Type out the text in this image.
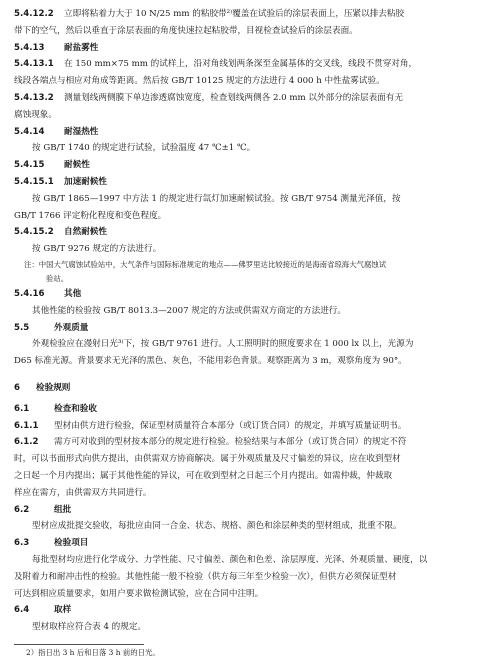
5.4.12.2 立即将粘着力大于 10 N/25 mm 的粘胶带²⁾覆盖在试验后的涂层表面上，压紧以排去粘胶
带下的空气，然后以垂直于涂层表面的角度快速拉起粘胶带，目视检查试验后的涂层表面。
5.4.13	耐盐雾性
5.4.13.1 在 150 mm×75 mm 的试样上，沿对角线划两条深至金属基体的交叉线，线段不贯穿对角，
线段各端点与相应对角成等距离。然后按 GB/T 10125 规定的方法进行 4 000 h 中性盐雾试验。
5.4.13.2 测量划线两侧膜下单边渗透腐蚀宽度，检查划线两侧各 2.0 mm 以外部分的涂层表面有无
腐蚀现象。
5.4.14	耐湿热性
按 GB/T 1740 的规定进行试验，试验温度 47 ℃±1 ℃。
5.4.15	耐候性
5.4.15.1	加速耐候性
按 GB/T 1865—1997 中方法 1 的规定进行氙灯加速耐候试验。按 GB/T 9754 测量光泽值，按
GB/T 1766 评定粉化程度和变色程度。
5.4.15.2	自然耐候性
按 GB/T 9276 规定的方法进行。
注：中国大气腐蚀试验站中，大气条件与国际标准规定的地点——佛罗里达比较接近的是海南省琼海大气腐蚀试
验站。
5.4.16	其他
其他性能的检验按 GB/T 8013.3—2007 规定的方法或供需双方商定的方法进行。
5.5	外观质量
外观检验应在漫射日光³⁾下，按 GB/T 9761 进行。人工照明时的照度要求在 1 000 lx 以上，光源为
D65 标准光源。背景要求无光泽的黑色、灰色，不能用彩色背景。观察距离为 3 m，观察角度为 90°。
6	检验规则
6.1	检查和验收
6.1.1 型材由供方进行检验，保证型材质量符合本部分（或订货合同）的规定，并填写质量证明书。
6.1.2 需方可对收到的型材按本部分的规定进行检验。检验结果与本部分（或订货合同）的规定不符
时，可以书面形式向供方提出，由供需双方协商解决。属于外观质量及尺寸偏差的异议，应在收到型材
之日起一个月内提出；属于其他性能的异议，可在收到型材之日起三个月内提出。如需仲裁，仲裁取
样应在需方，由供需双方共同进行。
6.2	组批
型材应成批提交验收，每批应由同一合金、状态、规格、颜色和涂层种类的型材组成，批重不限。
6.3	检验项目
每批型材均应进行化学成分、力学性能、尺寸偏差、颜色和色差、涂层厚度、光泽、外观质量、硬度，以
及附着力和耐冲击性的检验。其他性能一般不检验（供方每三年至少检验一次），但供方必须保证型材
可达到相应质量要求，如用户要求做检测试验，应在合同中注明。
6.4	取样
型材取样应符合表 4 的规定。
2）指日出 3 h 后和日落 3 h 前的日光。
